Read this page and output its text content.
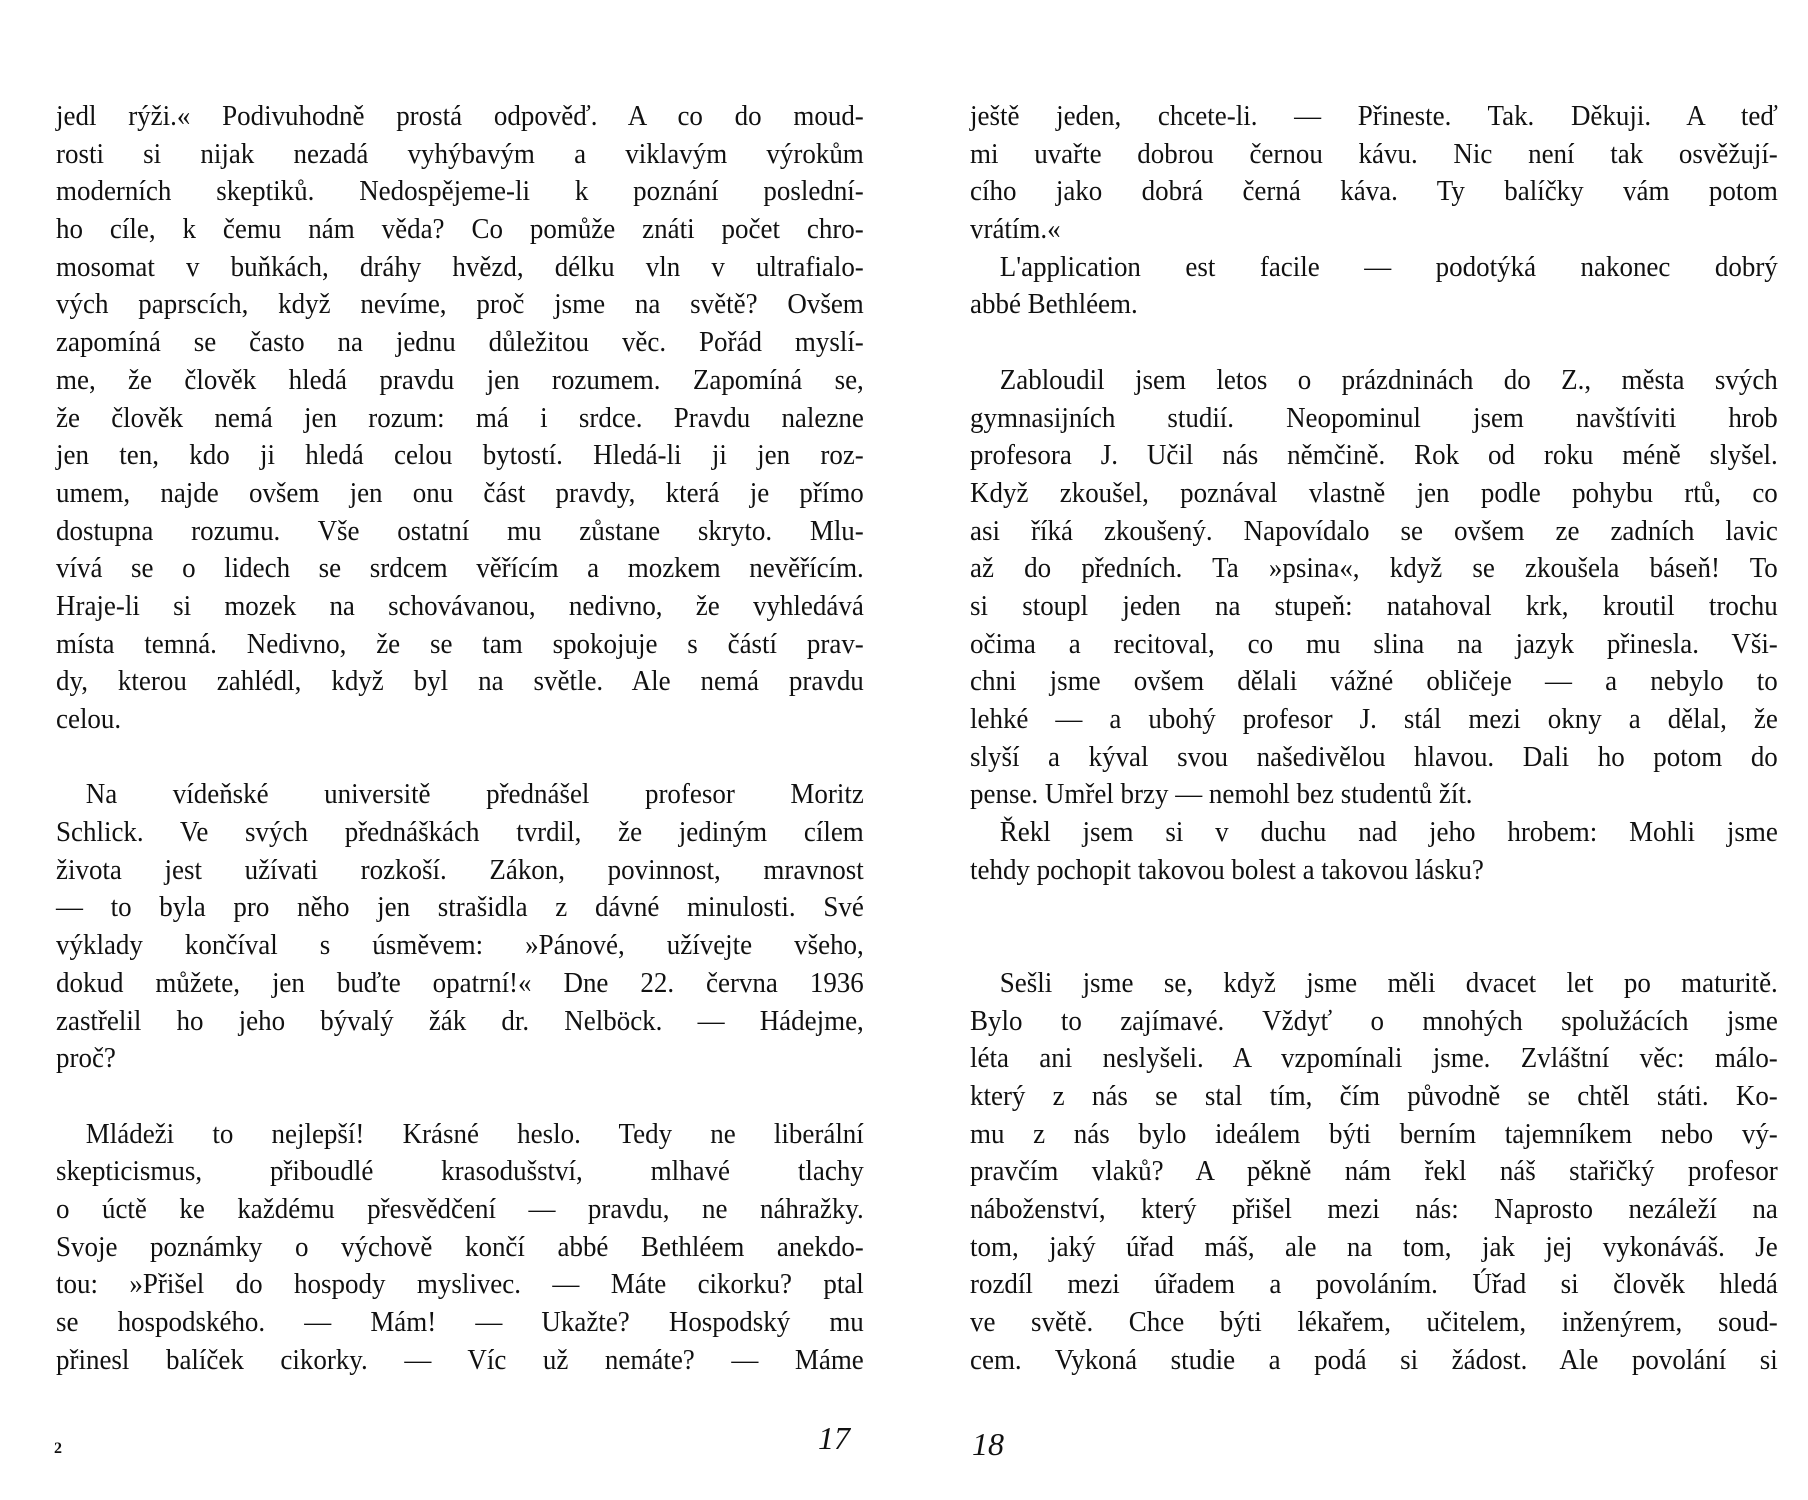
jedl rýži.« Podivuhodně prostá odpověď. A co do moud-
rosti si nijak nezadá vyhýbavým a viklavým výrokům
moderních skeptiků. Nedospějeme-li k poznání poslední-
ho cíle, k čemu nám věda? Co pomůže znáti počet chro-
mosomat v buňkách, dráhy hvězd, délku vln v ultrafialo-
vých paprscích, když nevíme, proč jsme na světě? Ovšem
zapomíná se často na jednu důležitou věc. Pořád myslí-
me, že člověk hledá pravdu jen rozumem. Zapomíná se,
že člověk nemá jen rozum: má i srdce. Pravdu nalezne
jen ten, kdo ji hledá celou bytostí. Hledá-li ji jen roz-
umem, najde ovšem jen onu část pravdy, která je přímo
dostupna rozumu. Vše ostatní mu zůstane skryto. Mlu-
vívá se o lidech se srdcem věřícím a mozkem nevěřícím.
Hraje-li si mozek na schovávanou, nedivno, že vyhledává
místa temná. Nedivno, že se tam spokojuje s částí prav-
dy, kterou zahlédl, když byl na světle. Ale nemá pravdu
celou.
Na vídeňské universitě přednášel profesor Moritz
Schlick. Ve svých přednáškách tvrdil, že jediným cílem
života jest užívati rozkoší. Zákon, povinnost, mravnost
— to byla pro něho jen strašidla z dávné minulosti. Své
výklady končíval s úsměvem: »Pánové, užívejte všeho,
dokud můžete, jen buďte opatrní!« Dne 22. června 1936
zastřelil ho jeho bývalý žák dr. Nelböck. — Hádejme,
proč?
Mládeži to nejlepší! Krásné heslo. Tedy ne liberální
skepticismus, přiboudlé krasodušství, mlhavé tlachy
o úctě ke každému přesvědčení — pravdu, ne náhražky.
Svoje poznámky o výchově končí abbé Bethléem anekdo-
tou: »Přišel do hospody myslivec. — Máte cikorku? ptal
se hospodského. — Mám! — Ukažte? Hospodský mu
přinesl balíček cikorky. — Víc už nemáte? — Máme
ještě jeden, chcete-li. — Přineste. Tak. Děkuji. A teď
mi uvařte dobrou černou kávu. Nic není tak osvěžují-
cího jako dobrá černá káva. Ty balíčky vám potom
vrátím.«
L'application est facile — podotýká nakonec dobrý
abbé Bethléem.
Zabloudil jsem letos o prázdninách do Z., města svých
gymnasijních studií. Neopominul jsem navštíviti hrob
profesora J. Učil nás němčině. Rok od roku méně slyšel.
Když zkoušel, poznával vlastně jen podle pohybu rtů, co
asi říká zkoušený. Napovídalo se ovšem ze zadních lavic
až do předních. Ta »psina«, když se zkoušela báseň! To
si stoupl jeden na stupeň: natahoval krk, kroutil trochu
očima a recitoval, co mu slina na jazyk přinesla. Vši-
chni jsme ovšem dělali vážné obličeje — a nebylo to
lehké — a ubohý profesor J. stál mezi okny a dělal, že
slyší a kýval svou našedivělou hlavou. Dali ho potom do
pense. Umřel brzy — nemohl bez studentů žít.
Řekl jsem si v duchu nad jeho hrobem: Mohli jsme
tehdy pochopit takovou bolest a takovou lásku?
Sešli jsme se, když jsme měli dvacet let po maturitě.
Bylo to zajímavé. Vždyť o mnohých spolužácích jsme
léta ani neslyšeli. A vzpomínali jsme. Zvláštní věc: málo-
který z nás se stal tím, čím původně se chtěl státi. Ko-
mu z nás bylo ideálem býti berním tajemníkem nebo vý-
pravčím vlaků? A pěkně nám řekl náš stařičký profesor
náboženství, který přišel mezi nás: Naprosto nezáleží na
tom, jaký úřad máš, ale na tom, jak jej vykonáváš. Je
rozdíl mezi úřadem a povoláním. Úřad si člověk hledá
ve světě. Chce býti lékařem, učitelem, inženýrem, soud-
cem. Vykoná studie a podá si žádost. Ale povolání si
2	17	18
